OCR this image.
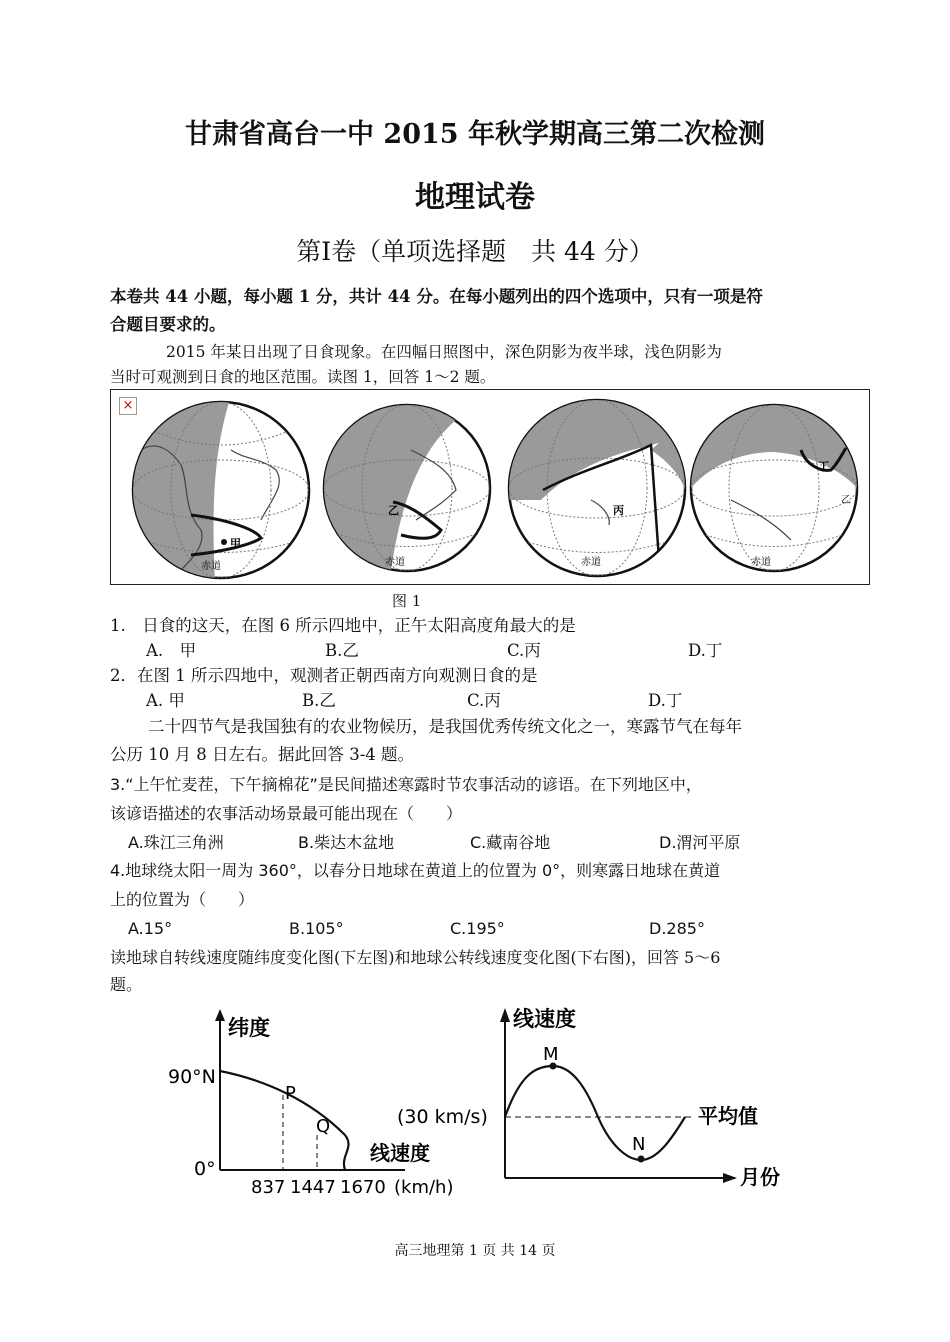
甘肃省高台一中 2015 年秋学期高三第二次检测
地理试卷
第Ⅰ卷（单项选择题　共 44 分）
本卷共 44 小题，每小题 1 分，共计 44 分。在每小题列出的四个选项中，只有一项是符
合题目要求的。
2015 年某日出现了日食现象。在四幅日照图中，深色阴影为夜半球，浅色阴影为
当时可观测到日食的地区范围。读图 1，回答 1～2 题。
×
甲
赤道
乙
赤道
丙
赤道
丁
乙
赤道
图 1
1.　日食的这天，在图 6 所示四地中，正午太阳高度角最大的是
A.　甲	B.乙	C.丙	D.丁
2．在图 1 所示四地中，观测者正朝西南方向观测日食的是
A. 甲	B.乙	C.丙	D.丁
二十四节气是我国独有的农业物候历，是我国优秀传统文化之一，寒露节气在每年
公历 10 月 8 日左右。据此回答 3-4 题。
3.“上午忙麦茬，下午摘棉花”是民间描述寒露时节农事活动的谚语。在下列地区中，
该谚语描述的农事活动场景最可能出现在（　　）
A.珠江三角洲	B.柴达木盆地	C.藏南谷地	D.渭河平原
4.地球绕太阳一周为 360°，以春分日地球在黄道上的位置为 0°，则寒露日地球在黄道
上的位置为（　　）
A.15°	B.105°	C.195°	D.285°
读地球自转线速度随纬度变化图(下左图)和地球公转线速度变化图(下右图)，回答 5～6
题。
纬度
90°N
0°
P
Q
线速度
837 1447 1670 (km/h)
线速度
M
N
(30 km/s)	平均值
月份
高三地理第 1 页 共 14 页
